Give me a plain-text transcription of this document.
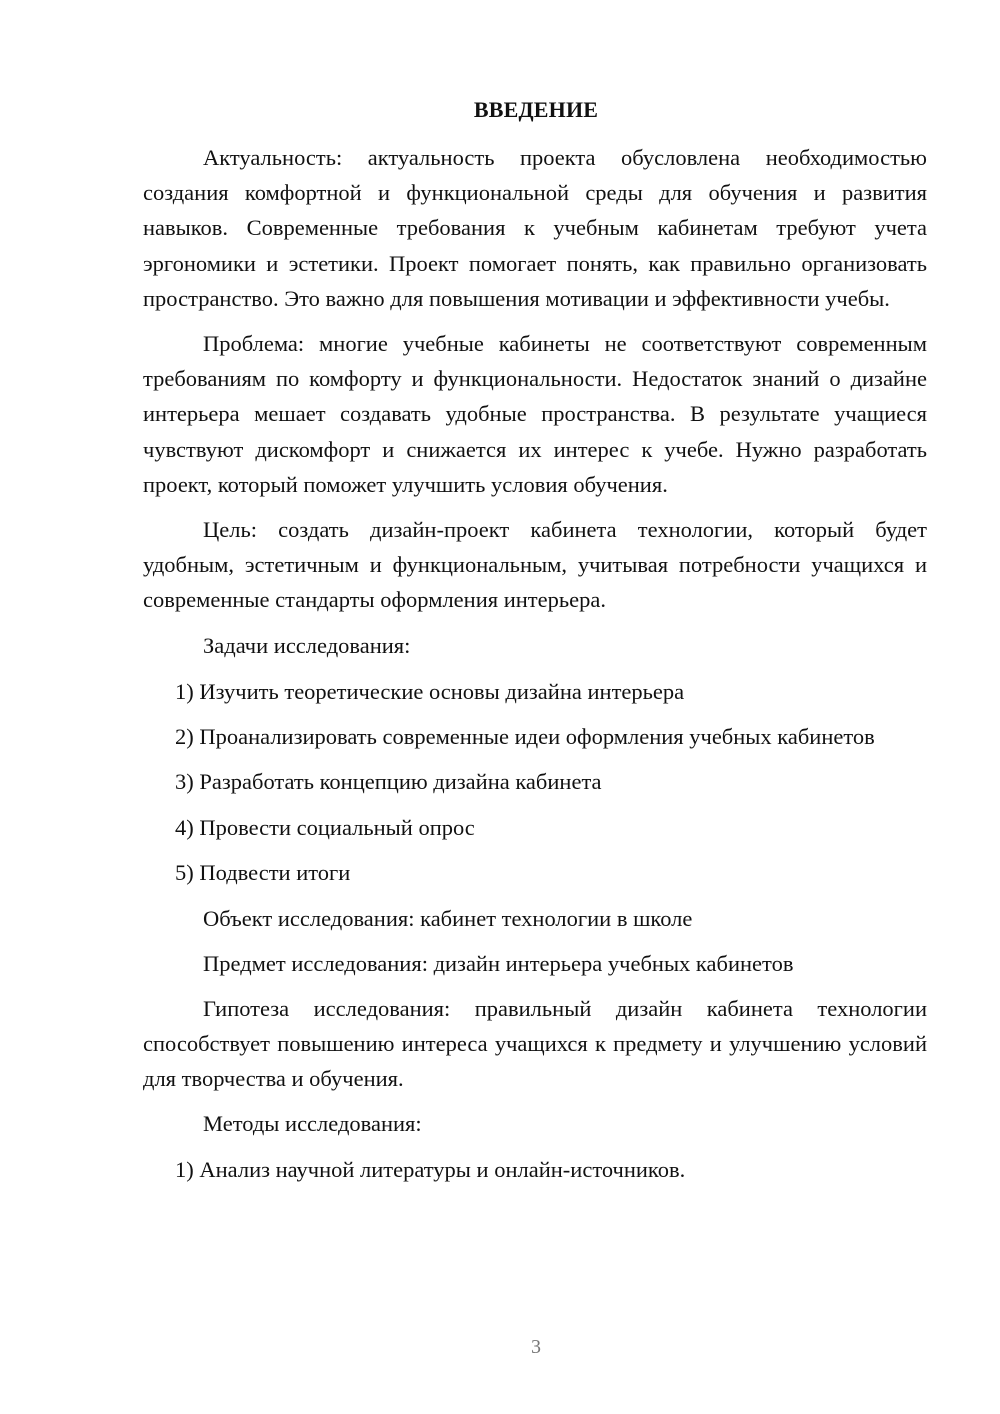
ВВЕДЕНИЕ

Актуальность: актуальность проекта обусловлена необходимостью создания комфортной и функциональной среды для обучения и развития навыков. Современные требования к учебным кабинетам требуют учета эргономики и эстетики. Проект помогает понять, как правильно организовать пространство. Это важно для повышения мотивации и эффективности учебы.

Проблема: многие учебные кабинеты не соответствуют современным требованиям по комфорту и функциональности. Недостаток знаний о дизайне интерьера мешает создавать удобные пространства. В результате учащиеся чувствуют дискомфорт и снижается их интерес к учебе. Нужно разработать проект, который поможет улучшить условия обучения.

Цель: создать дизайн-проект кабинета технологии, который будет удобным, эстетичным и функциональным, учитывая потребности учащихся и современные стандарты оформления интерьера.

Задачи исследования:

1) Изучить теоретические основы дизайна интерьера

2) Проанализировать современные идеи оформления учебных кабинетов

3) Разработать концепцию дизайна кабинета

4) Провести социальный опрос

5) Подвести итоги

Объект исследования: кабинет технологии в школе

Предмет исследования: дизайн интерьера учебных кабинетов

Гипотеза исследования: правильный дизайн кабинета технологии способствует повышению интереса учащихся к предмету и улучшению условий для творчества и обучения.

Методы исследования:

1) Анализ научной литературы и онлайн-источников.

3
